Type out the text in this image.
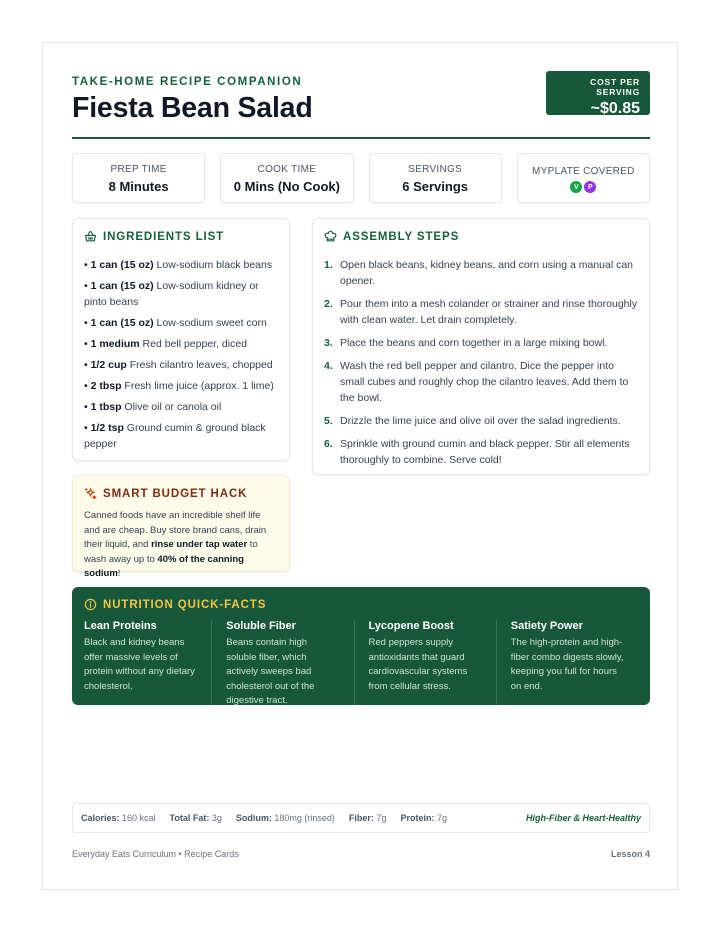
TAKE-HOME RECIPE COMPANION
Fiesta Bean Salad
COST PER SERVING
~$0.85
PREP TIME
8 Minutes
COOK TIME
0 Mins (No Cook)
SERVINGS
6 Servings
MYPLATE COVERED
V	P
INGREDIENTS LIST
• 1 can (15 oz) Low-sodium black beans
• 1 can (15 oz) Low-sodium kidney or pinto beans
• 1 can (15 oz) Low-sodium sweet corn
• 1 medium Red bell pepper, diced
• 1/2 cup Fresh cilantro leaves, chopped
• 2 tbsp Fresh lime juice (approx. 1 lime)
• 1 tbsp Olive oil or canola oil
• 1/2 tsp Ground cumin & ground black pepper
ASSEMBLY STEPS
1. Open black beans, kidney beans, and corn using a manual can opener.
2. Pour them into a mesh colander or strainer and rinse thoroughly with clean water. Let drain completely.
3. Place the beans and corn together in a large mixing bowl.
4. Wash the red bell pepper and cilantro. Dice the pepper into small cubes and roughly chop the cilantro leaves. Add them to the bowl.
5. Drizzle the lime juice and olive oil over the salad ingredients.
6. Sprinkle with ground cumin and black pepper. Stir all elements thoroughly to combine. Serve cold!
SMART BUDGET HACK

Canned foods have an incredible shelf life and are cheap. Buy store brand cans, drain their liquid, and rinse under tap water to wash away up to 40% of the canning sodium!

NUTRITION QUICK-FACTS
Lean Proteins
Black and kidney beans offer massive levels of protein without any dietary cholesterol.
Soluble Fiber
Beans contain high soluble fiber, which actively sweeps bad cholesterol out of the digestive tract.
Lycopene Boost
Red peppers supply antioxidants that guard cardiovascular systems from cellular stress.
Satiety Power
The high-protein and high-fiber combo digests slowly, keeping you full for hours on end.
Calories: 160 kcal Total Fat: 3g Sodium: 180mg (rinsed) Fiber: 7g Protein: 7g	High-Fiber & Heart-Healthy
Everyday Eats Curriculum • Recipe Cards	Lesson 4
